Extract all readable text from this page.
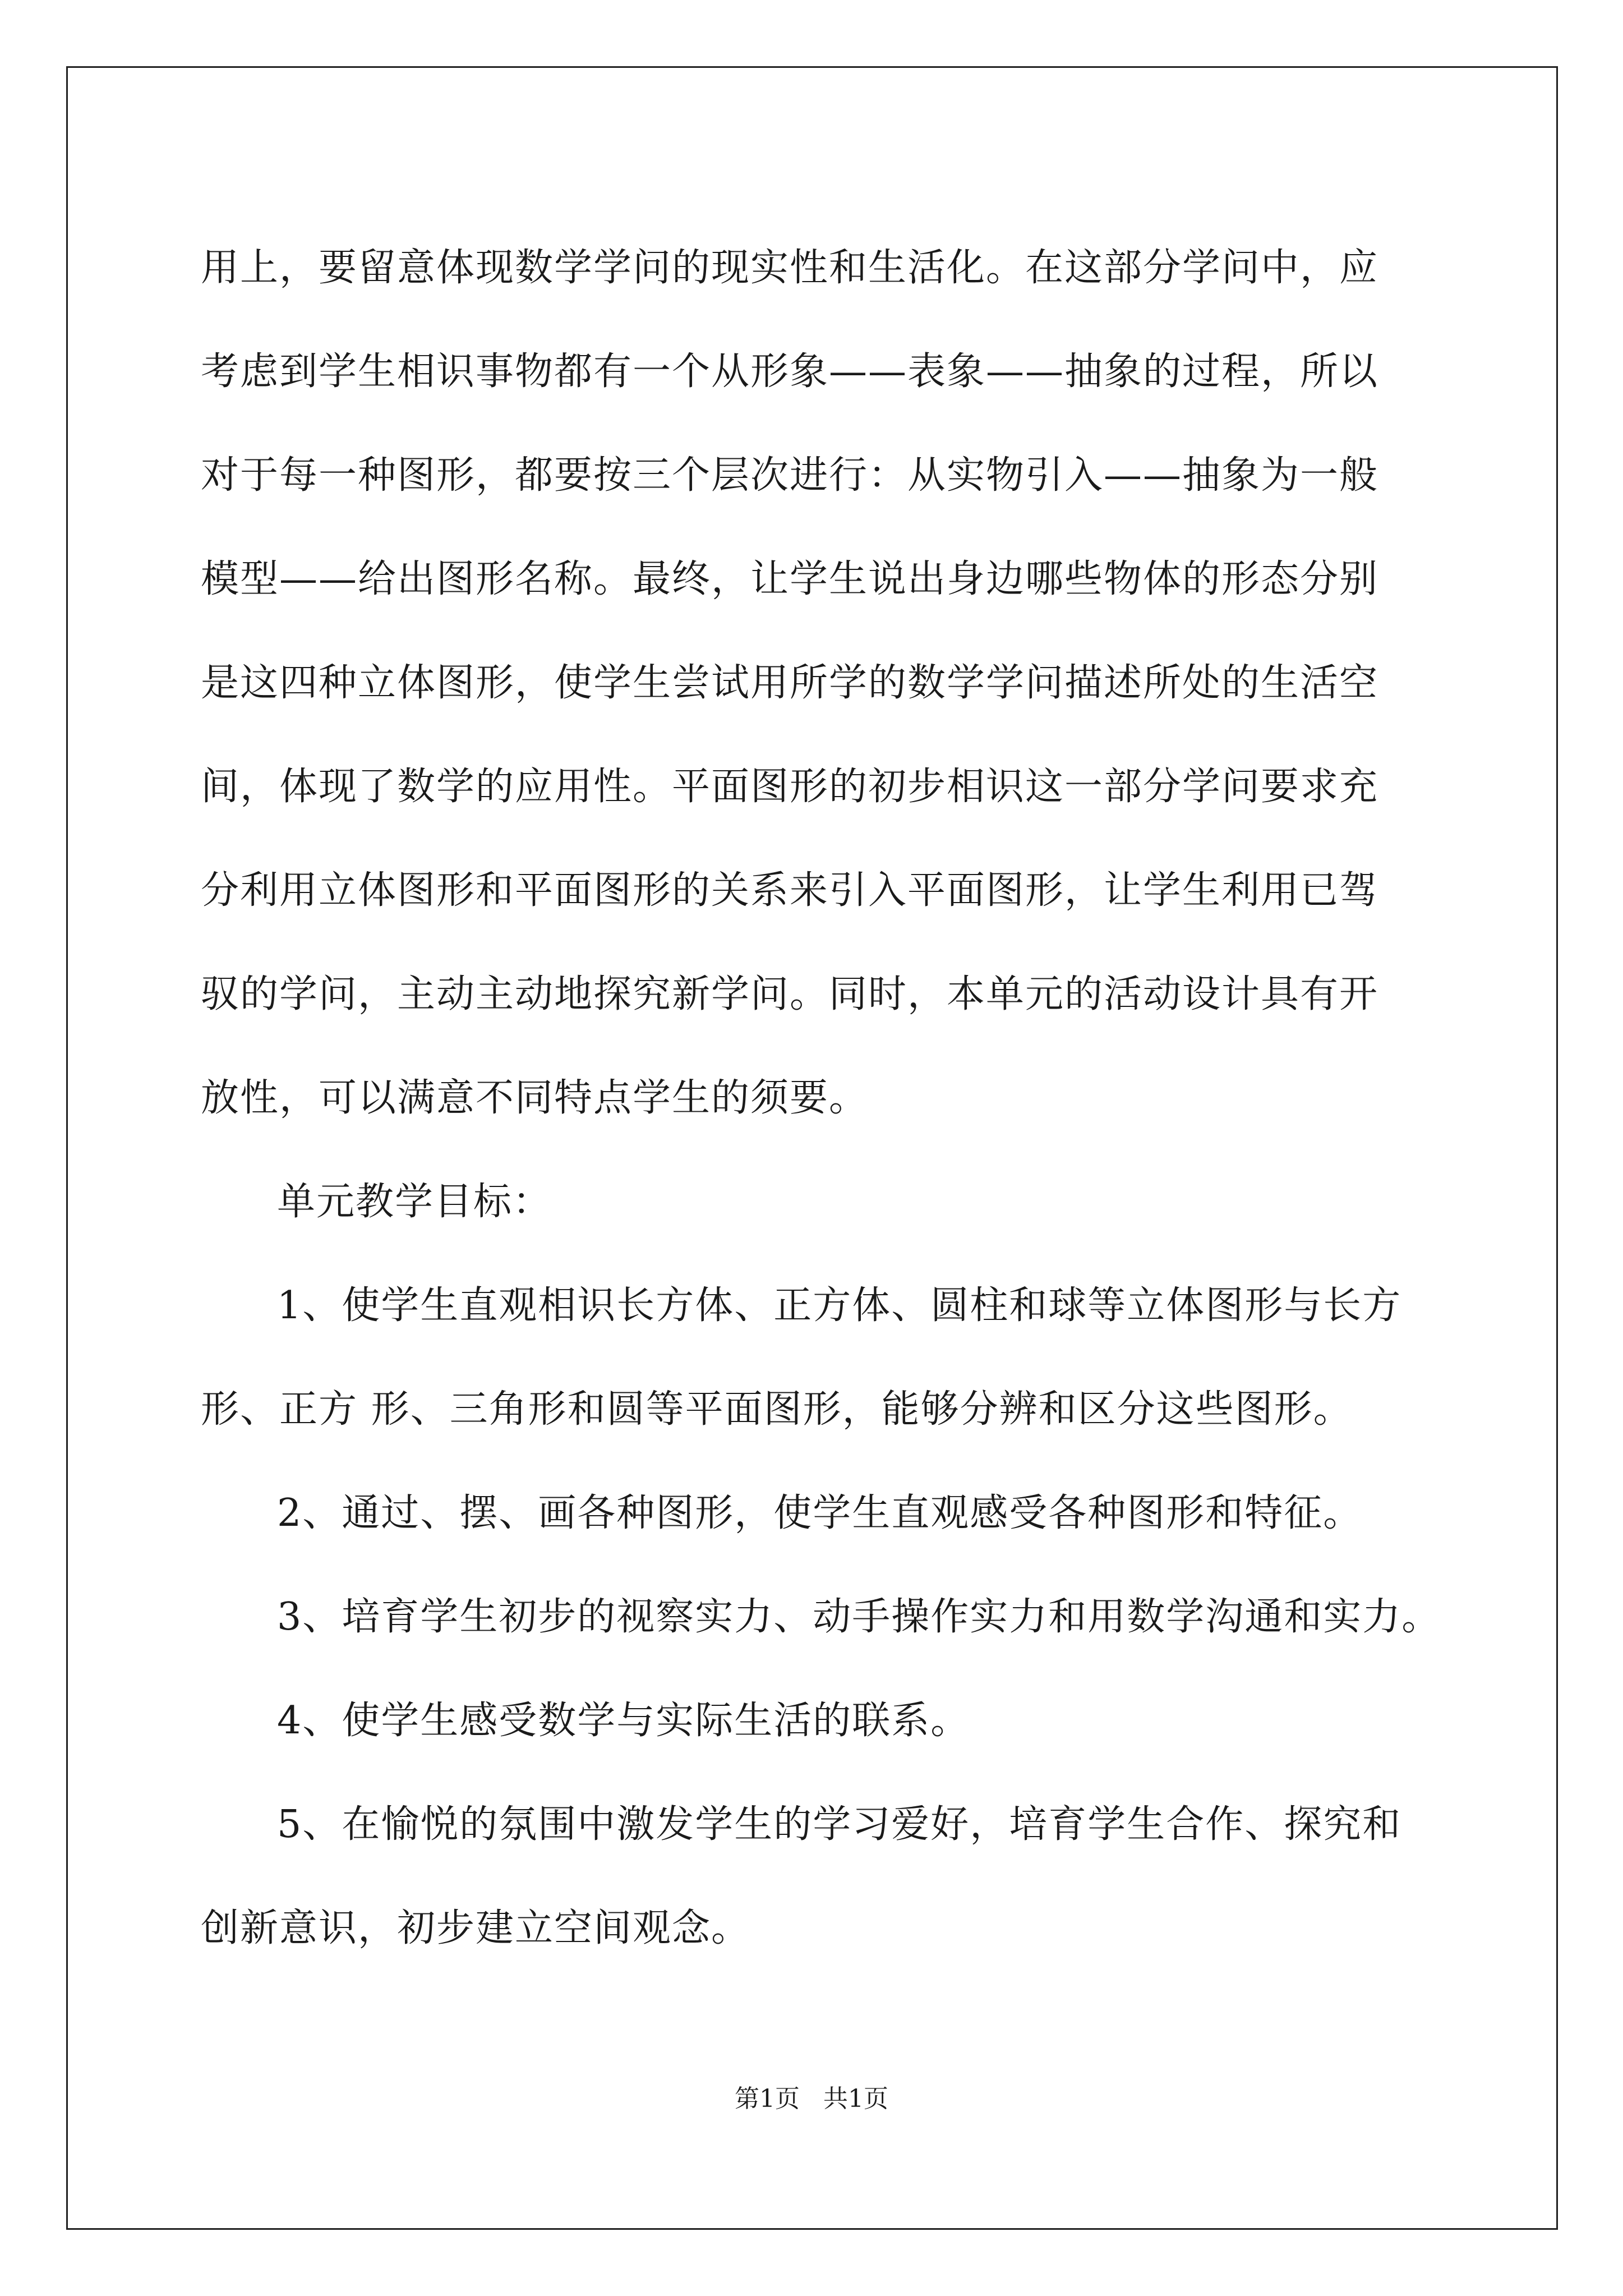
用上，要留意体现数学学问的现实性和生活化。在这部分学问中，应
考虑到学生相识事物都有一个从形象——表象——抽象的过程，所以
对于每一种图形，都要按三个层次进行：从实物引入——抽象为一般
模型——给出图形名称。最终，让学生说出身边哪些物体的形态分别
是这四种立体图形，使学生尝试用所学的数学学问描述所处的生活空
间，体现了数学的应用性。平面图形的初步相识这一部分学问要求充
分利用立体图形和平面图形的关系来引入平面图形，让学生利用已驾
驭的学问，主动主动地探究新学问。同时，本单元的活动设计具有开
放性，可以满意不同特点学生的须要。
单元教学目标：
1、使学生直观相识长方体、正方体、圆柱和球等立体图形与长方
形、正方 形、三角形和圆等平面图形，能够分辨和区分这些图形。
2、通过、摆、画各种图形，使学生直观感受各种图形和特征。
3、培育学生初步的视察实力、动手操作实力和用数学沟通和实力。
4、使学生感受数学与实际生活的联系。
5、在愉悦的氛围中激发学生的学习爱好，培育学生合作、探究和
创新意识，初步建立空间观念。
第1页   共1页
